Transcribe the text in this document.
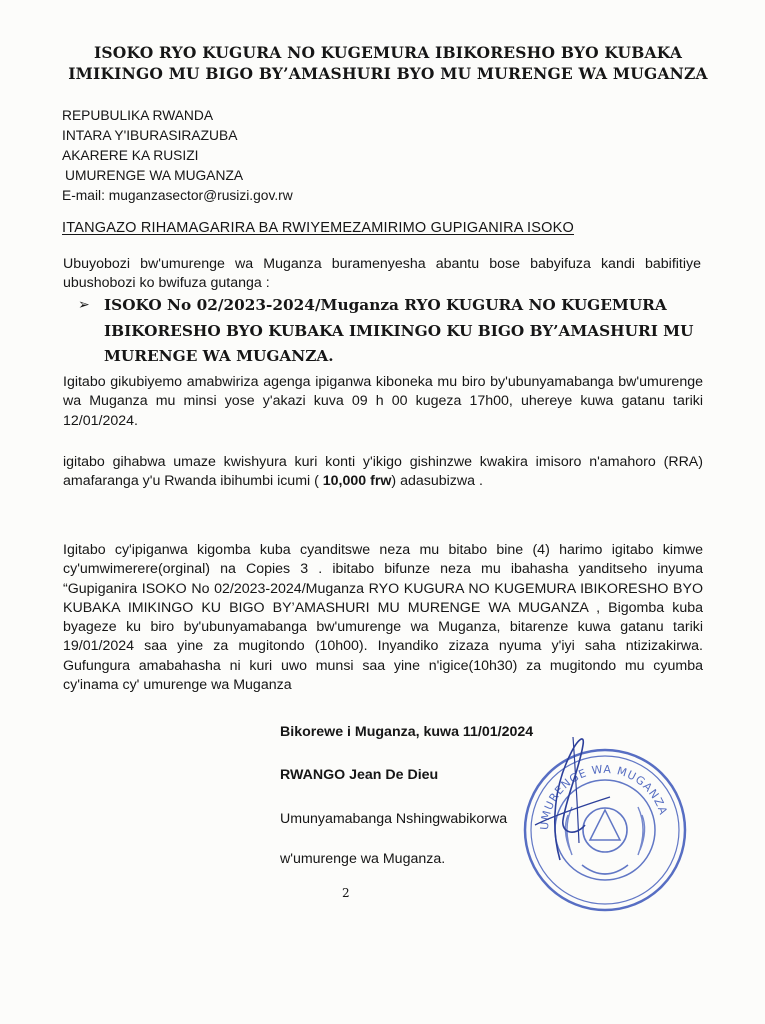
ISOKO RYO KUGURA NO KUGEMURA IBIKORESHO BYO KUBAKA
IMIKINGO MU BIGO BY’AMASHURI BYO MU MURENGE WA MUGANZA
REPUBULIKA RWANDA
INTARA Y'IBURASIRAZUBA
AKARERE KA RUSIZI
UMURENGE WA MUGANZA
E-mail: muganzasector@rusizi.gov.rw
ITANGAZO RIHAMAGARIRA BA RWIYEMEZAMIRIMO GUPIGANIRA ISOKO
Ubuyobozi bw'umurenge wa Muganza buramenyesha abantu bose babyifuza kandi babifitiye ubushobozi ko bwifuza gutanga :
➢ ISOKO No 02/2023-2024/Muganza RYO KUGURA NO KUGEMURA IBIKORESHO BYO KUBAKA IMIKINGO KU BIGO BY’AMASHURI MU MURENGE WA MUGANZA.
Igitabo gikubiyemo amabwiriza agenga ipiganwa kiboneka mu biro by'ubunyamabanga bw'umurenge wa Muganza mu minsi yose y'akazi kuva 09 h 00 kugeza 17h00, uhereye kuwa gatanu tariki 12/01/2024.
igitabo gihabwa umaze kwishyura kuri konti y'ikigo gishinzwe kwakira imisoro n'amahoro (RRA) amafaranga y'u Rwanda ibihumbi icumi ( 10,000 frw) adasubizwa .
Igitabo cy'ipiganwa kigomba kuba cyanditswe neza mu bitabo bine (4) harimo igitabo kimwe cy'umwimerere(orginal) na Copies 3 . ibitabo bifunze neza mu ibahasha yanditseho inyuma “Gupiganira ISOKO No 02/2023-2024/Muganza RYO KUGURA NO KUGEMURA IBIKORESHO BYO KUBAKA IMIKINGO KU BIGO BY’AMASHURI MU MURENGE WA MUGANZA , Bigomba kuba byageze ku biro by'ubunyamabanga bw'umurenge wa Muganza, bitarenze kuwa gatanu tariki 19/01/2024 saa yine za mugitondo (10h00). Inyandiko zizaza nyuma y'iyi saha ntizizakirwa. Gufungura amabahasha ni kuri uwo munsi saa yine n'igice(10h30) za mugitondo mu cyumba cy'inama cy' umurenge wa Muganza
Bikorewe i Muganza, kuwa 11/01/2024
RWANGO Jean De Dieu
Umunyamabanga Nshingwabikorwa
w'umurenge wa Muganza.
2
UMURENGE WA MUGANZA
